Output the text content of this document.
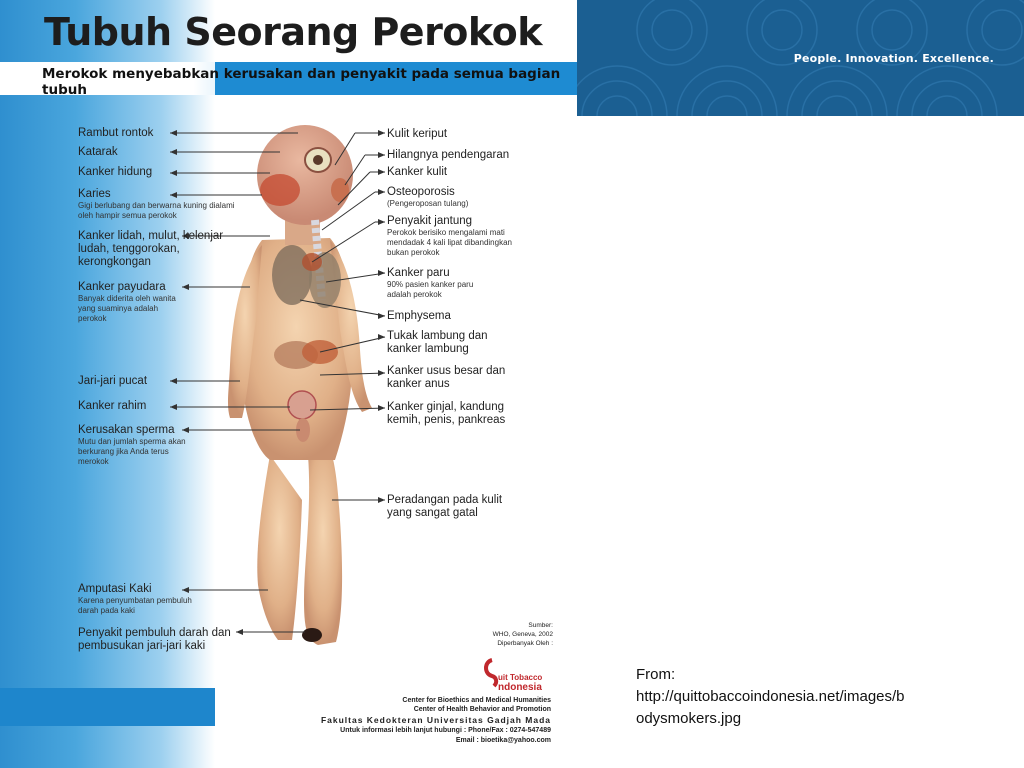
Tubuh Seorang Perokok
Merokok menyebabkan kerusakan dan penyakit pada semua bagian tubuh
Rambut rontok
Katarak
Kanker hidung
Karies
Gigi berlubang dan berwarna kuning dialami oleh hampir semua perokok
Kanker lidah, mulut, kelenjar ludah, tenggorokan, kerongkongan
Kanker payudara
Banyak diderita oleh wanita yang suaminya adalah perokok
Jari-jari pucat
Kanker rahim
Kerusakan sperma
Mutu dan jumlah sperma akan berkurang jika Anda terus merokok
Amputasi Kaki
Karena penyumbatan pembuluh darah pada kaki
Penyakit pembuluh darah dan pembusukan jari-jari kaki
Kulit keriput
Hilangnya pendengaran
Kanker kulit
Osteoporosis
(Pengeroposan tulang)
Penyakit jantung
Perokok berisiko mengalami mati mendadak 4 kali lipat dibandingkan bukan perokok
Kanker paru
90% pasien kanker paru adalah perokok
Emphysema
Tukak lambung dan kanker lambung
Kanker usus besar dan kanker anus
Kanker ginjal, kandung kemih, penis, pankreas
Peradangan pada kulit yang sangat gatal
Sumber:
WHO, Geneva, 2002
Diperbanyak Oleh :
uit Tobacco
ndonesia
Center for Bioethics and Medical Humanities
Center of Health Behavior and Promotion
Fakultas Kedokteran Universitas Gadjah Mada
Untuk informasi lebih lanjut hubungi : Phone/Fax : 0274-547489
Email : bioetika@yahoo.com
People. Innovation. Excellence.
From:
http://quittobaccoindonesia.net/images/bodysmokers.jpg
